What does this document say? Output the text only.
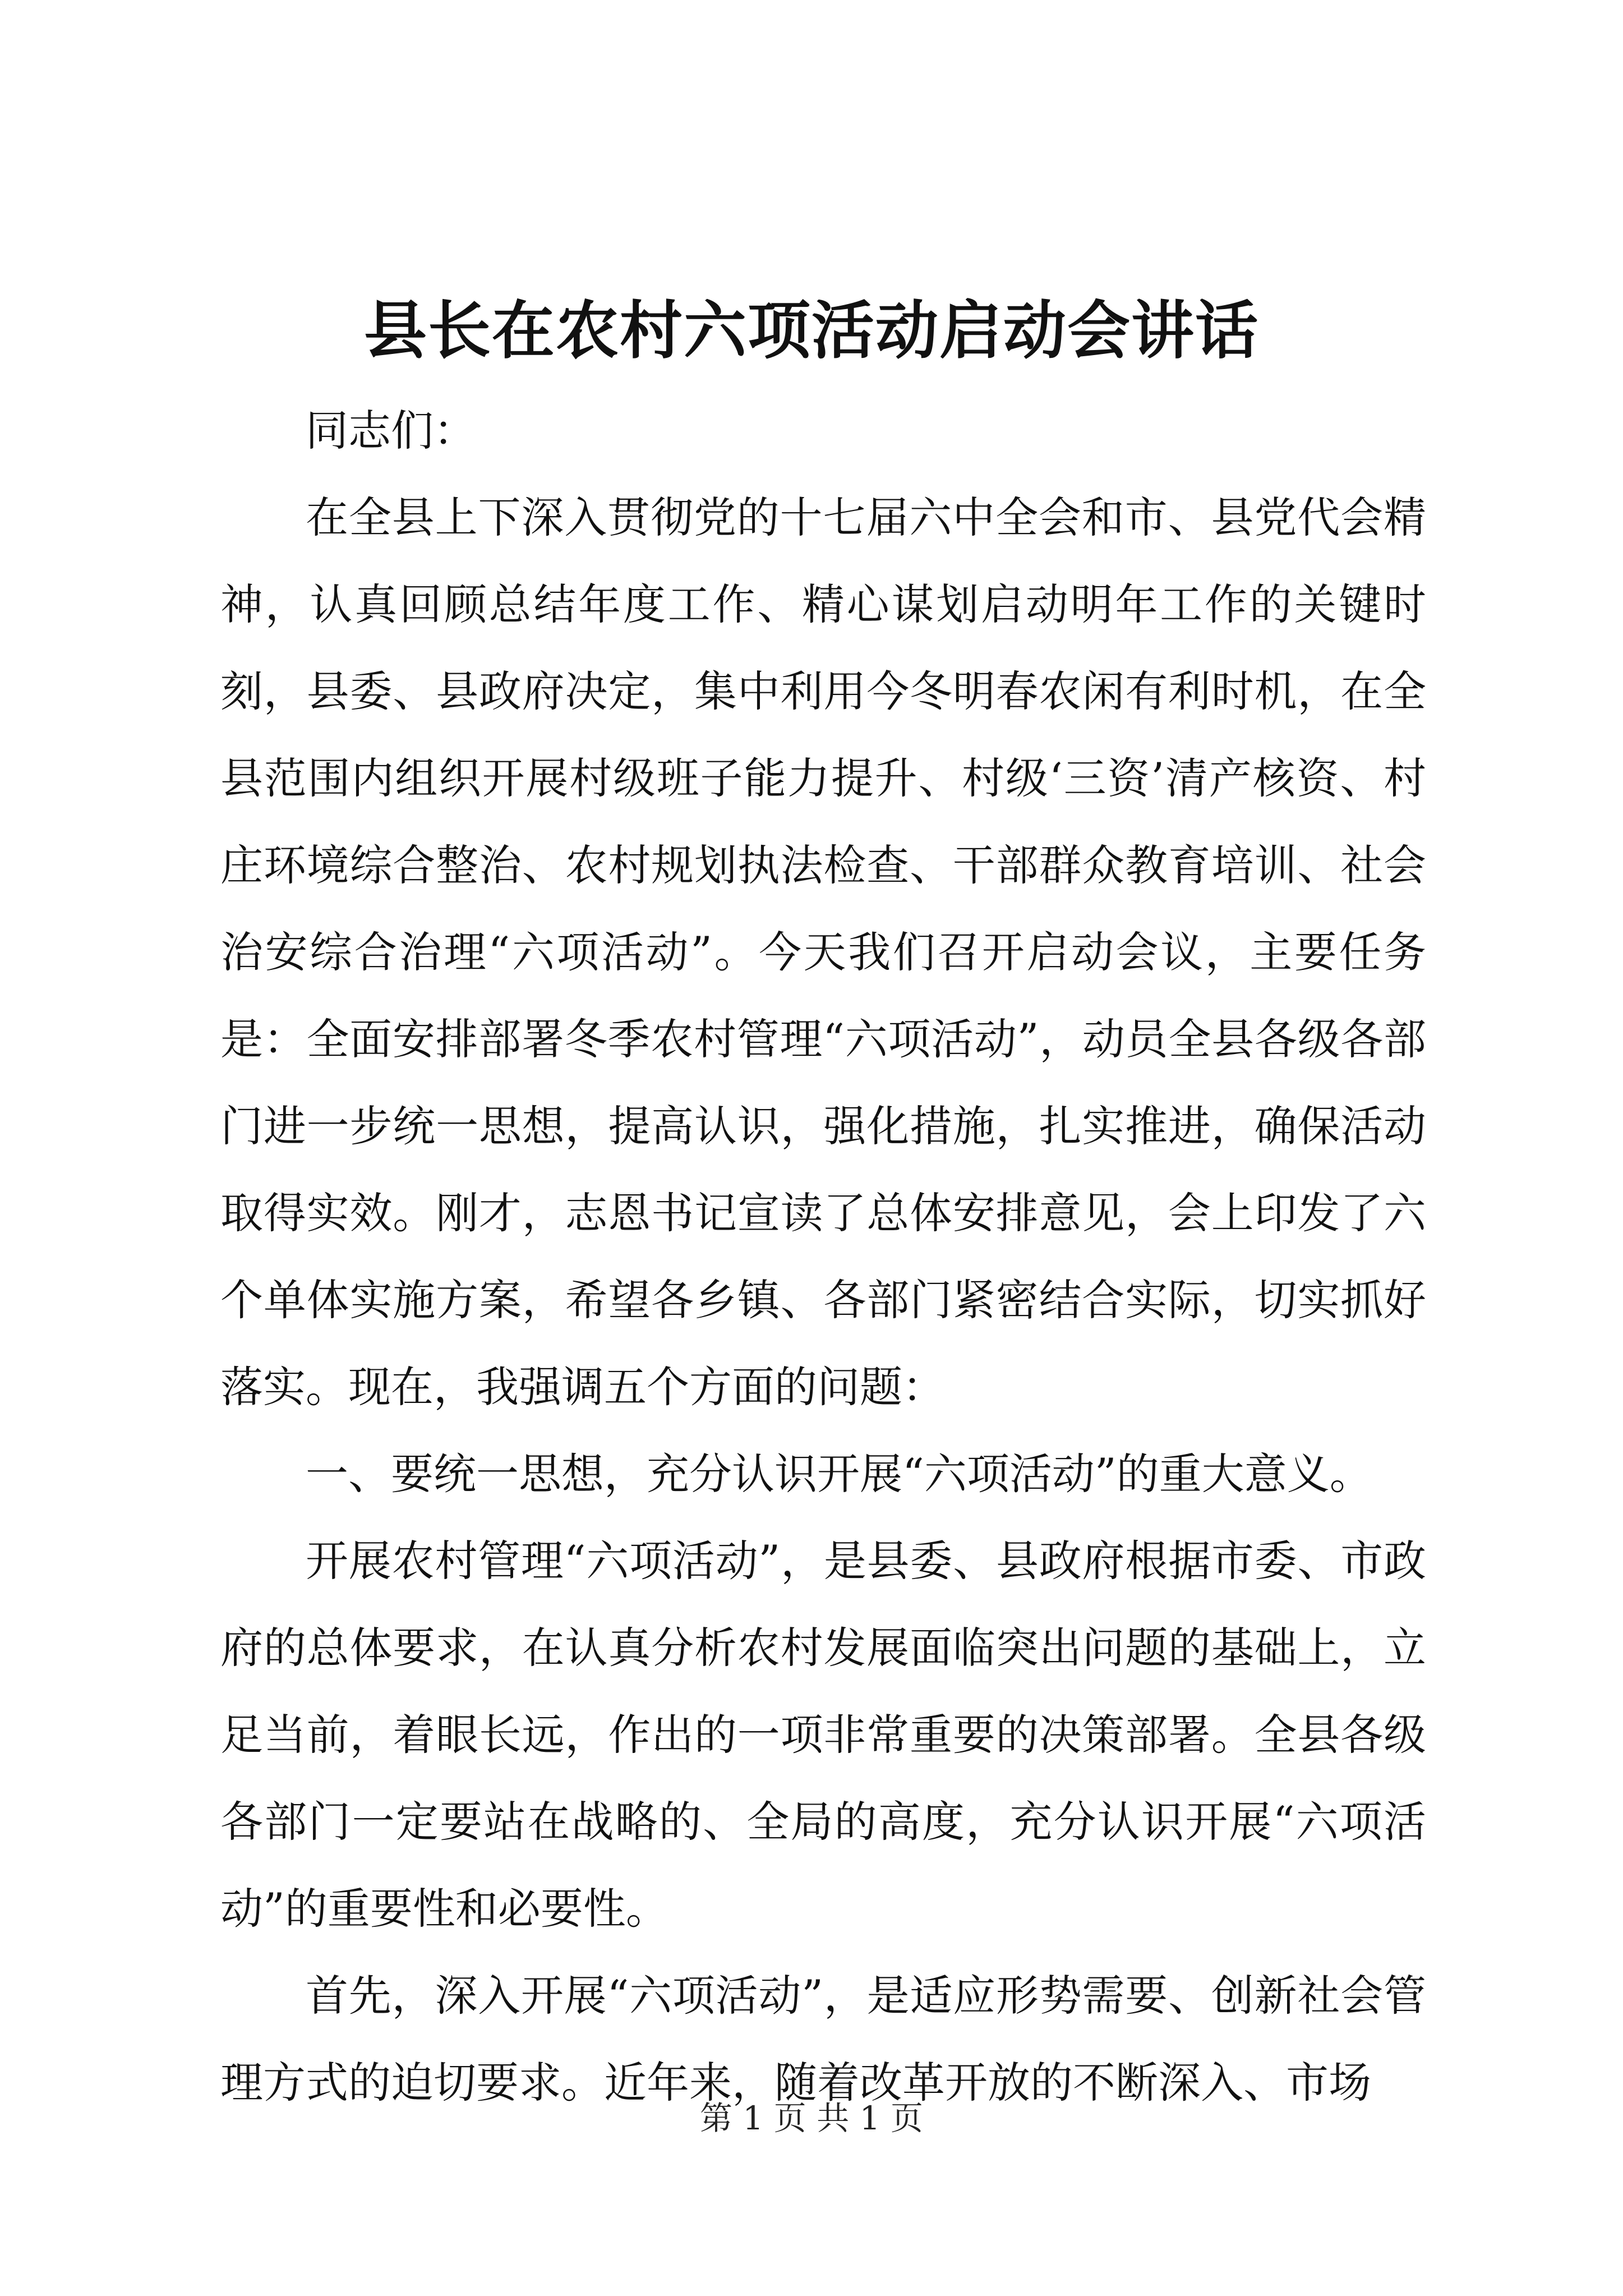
县长在农村六项活动启动会讲话

同志们：

在全县上下深入贯彻党的十七届六中全会和市、县党代会精神，认真回顾总结年度工作、精心谋划启动明年工作的关键时刻，县委、县政府决定，集中利用今冬明春农闲有利时机，在全县范围内组织开展村级班子能力提升、村级‘三资’清产核资、村庄环境综合整治、农村规划执法检查、干部群众教育培训、社会治安综合治理“六项活动”。今天我们召开启动会议，主要任务是：全面安排部署冬季农村管理“六项活动”，动员全县各级各部门进一步统一思想，提高认识，强化措施，扎实推进，确保活动取得实效。刚才，志恩书记宣读了总体安排意见，会上印发了六个单体实施方案，希望各乡镇、各部门紧密结合实际，切实抓好落实。现在，我强调五个方面的问题：

一、要统一思想，充分认识开展“六项活动”的重大意义。

开展农村管理“六项活动”，是县委、县政府根据市委、市政府的总体要求，在认真分析农村发展面临突出问题的基础上，立足当前，着眼长远，作出的一项非常重要的决策部署。全县各级各部门一定要站在战略的、全局的高度，充分认识开展“六项活动”的重要性和必要性。

首先，深入开展“六项活动”，是适应形势需要、创新社会管理方式的迫切要求。近年来，随着改革开放的不断深入、市场

第 1 页 共 1 页
